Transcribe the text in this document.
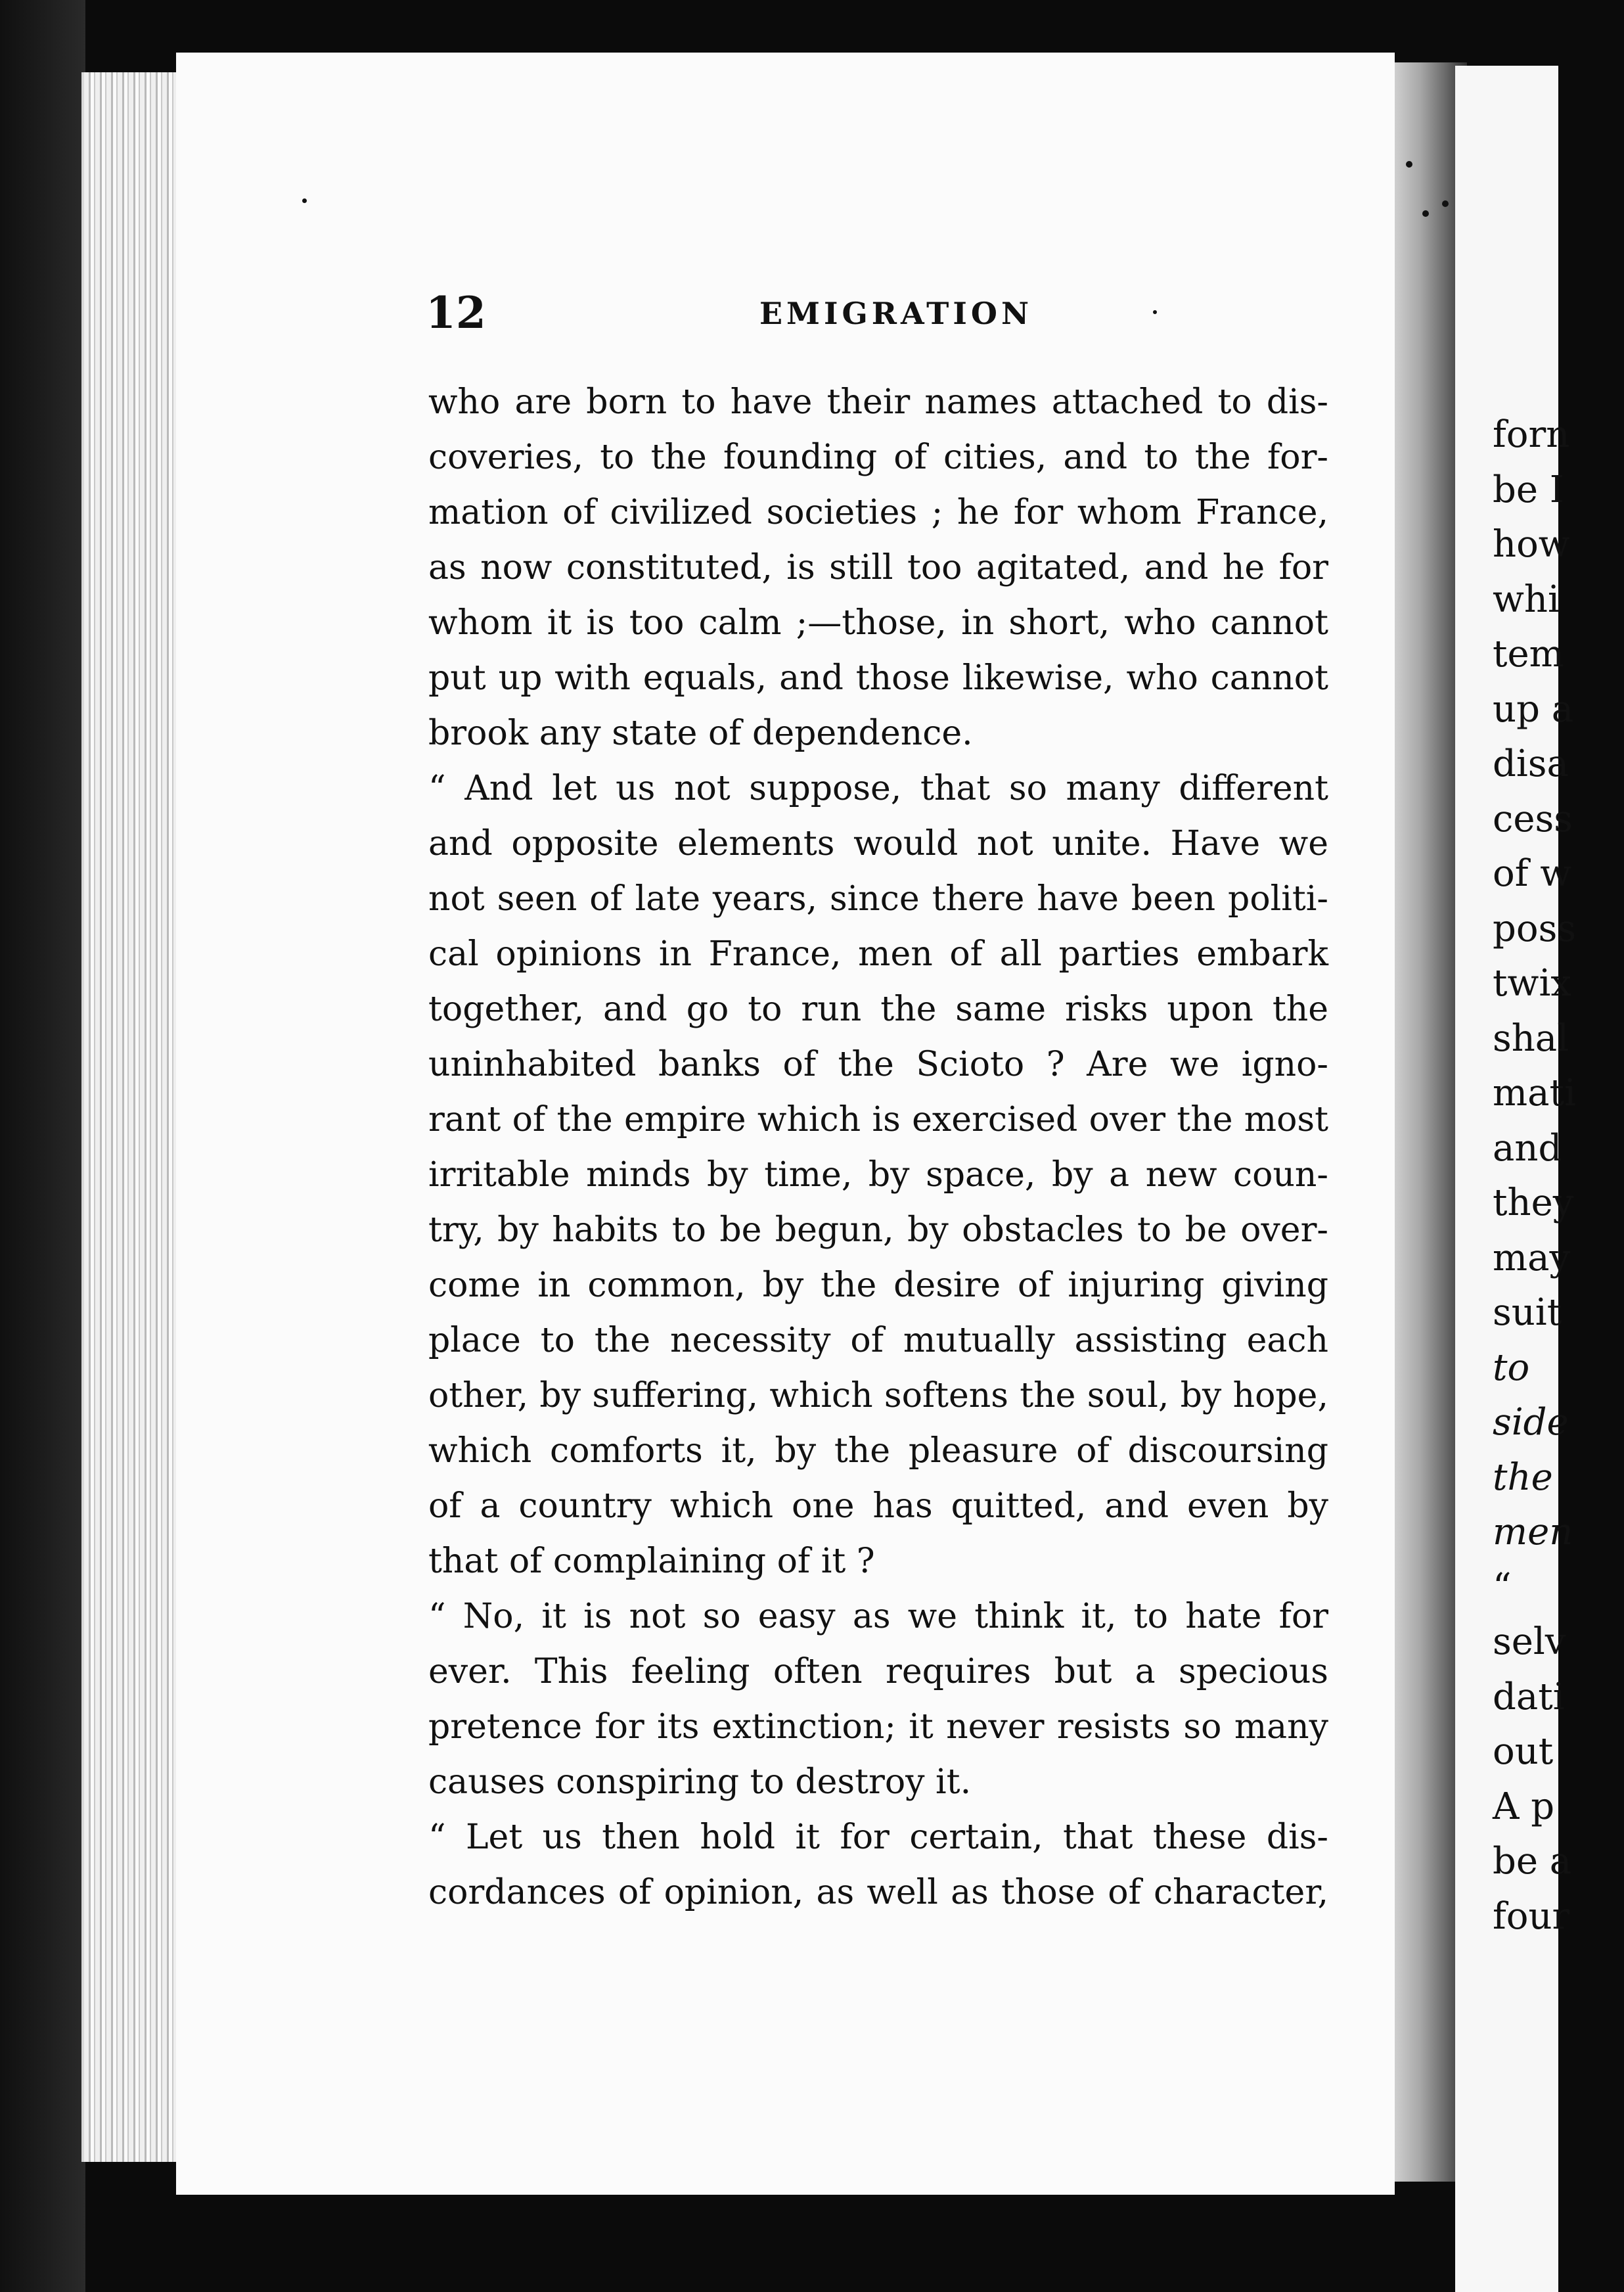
forn
be I
how
whi
tem
up a
disa
cess
of w
poss
twix
shal
mati
and
they
may
suit
to
side
the
men
“
selv
dati
out
A p
be a
four
12	EMIGRATION
who are born to have their names attached to dis-
coveries, to the founding of cities, and to the for-
mation of civilized societies ; he for whom France,
as now constituted, is still too agitated, and he for
whom it is too calm ;—those, in short, who cannot
put up with equals, and those likewise, who cannot
brook any state of dependence.
“ And let us not suppose, that so many different
and opposite elements would not unite. Have we
not seen of late years, since there have been politi-
cal opinions in France, men of all parties embark
together, and go to run the same risks upon the
uninhabited banks of the Scioto ? Are we igno-
rant of the empire which is exercised over the most
irritable minds by time, by space, by a new coun-
try, by habits to be begun, by obstacles to be over-
come in common, by the desire of injuring giving
place to the necessity of mutually assisting each
other, by suffering, which softens the soul, by hope,
which comforts it, by the pleasure of discoursing
of a country which one has quitted, and even by
that of complaining of it ?
“ No, it is not so easy as we think it, to hate for
ever. This feeling often requires but a specious
pretence for its extinction; it never resists so many
causes conspiring to destroy it.
“ Let us then hold it for certain, that these dis-
cordances of opinion, as well as those of character,
